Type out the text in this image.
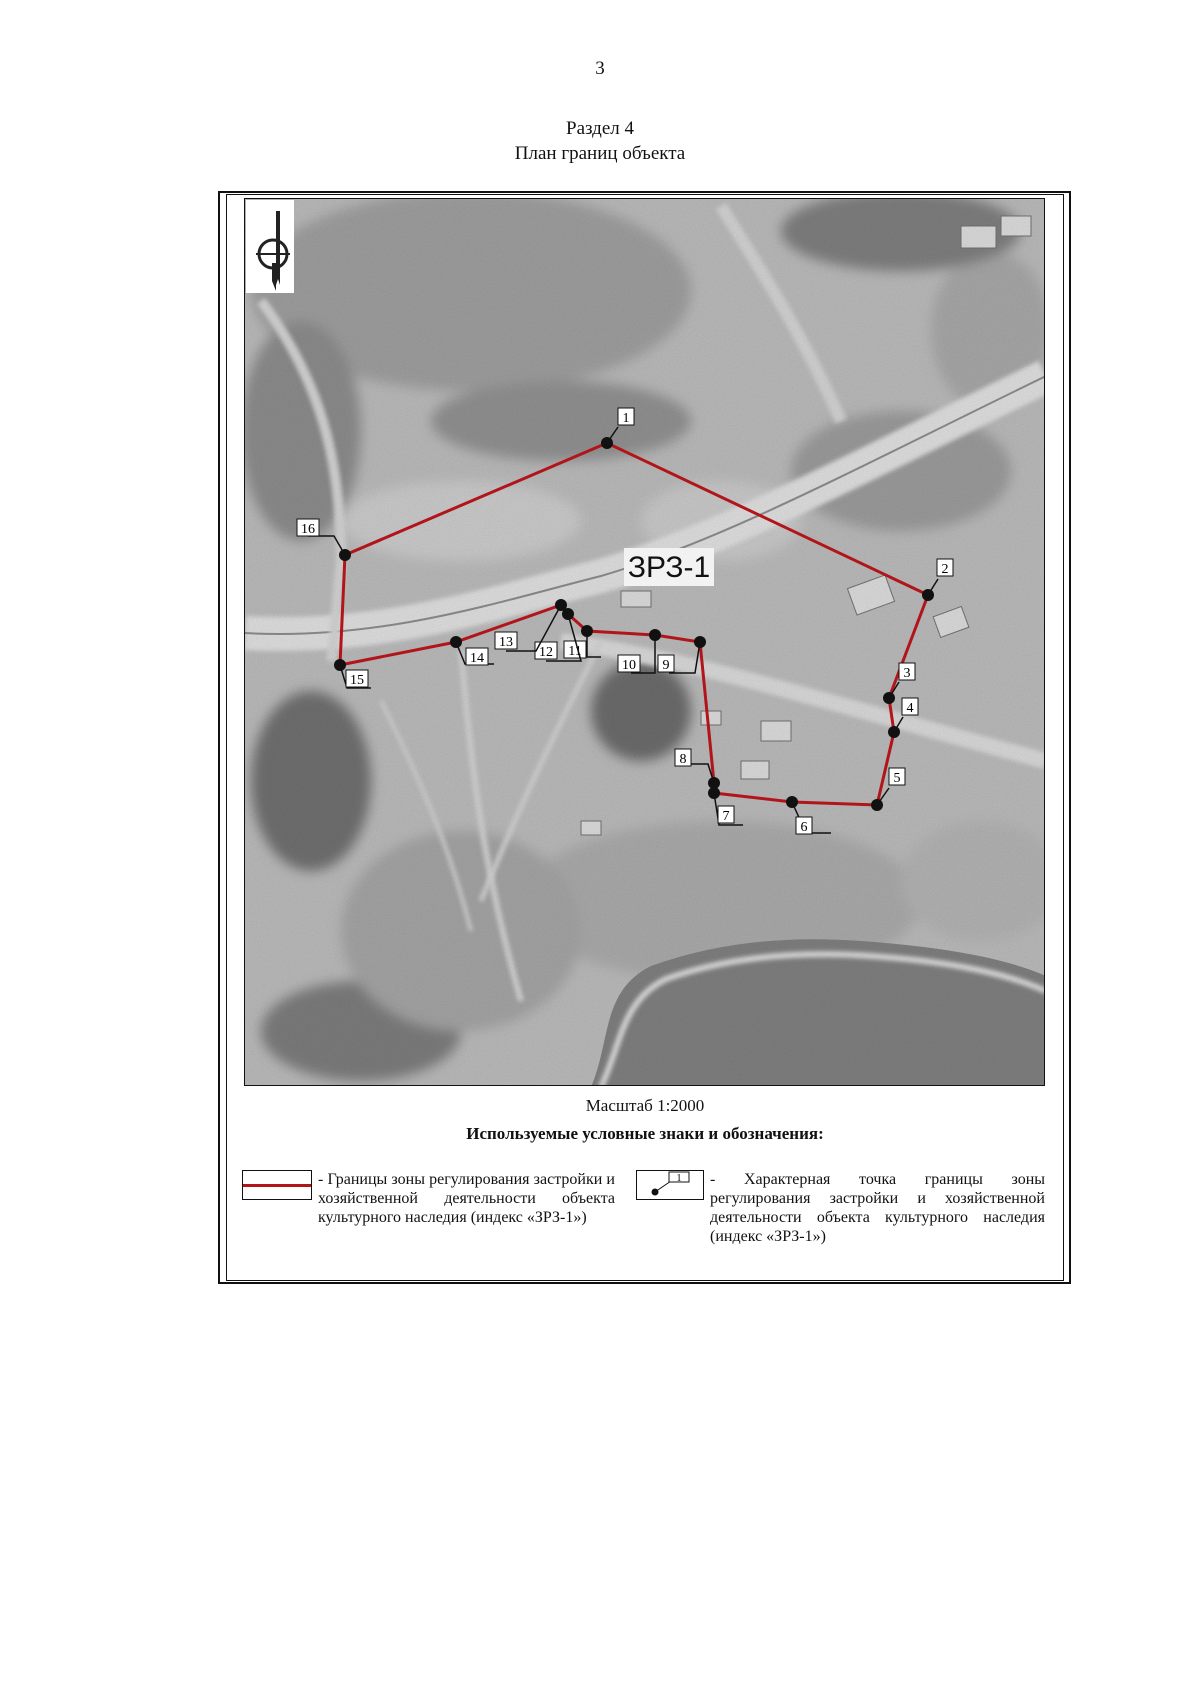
3
Раздел 4
План границ объекта
ЗРЗ-1
1
2
3
4
5
6
7
8
9
10
11
12
13
14
15
16
Масштаб 1:2000
Используемые условные знаки и обозначения:
- Границы зоны регулирования застройки и хозяйственной деятельности объекта культурного наследия (индекс «ЗРЗ-1»)
1 - Характерная точка границы зоны регулирования застройки и хозяйственной деятельности объекта культурного наследия (индекс «ЗРЗ-1»)
